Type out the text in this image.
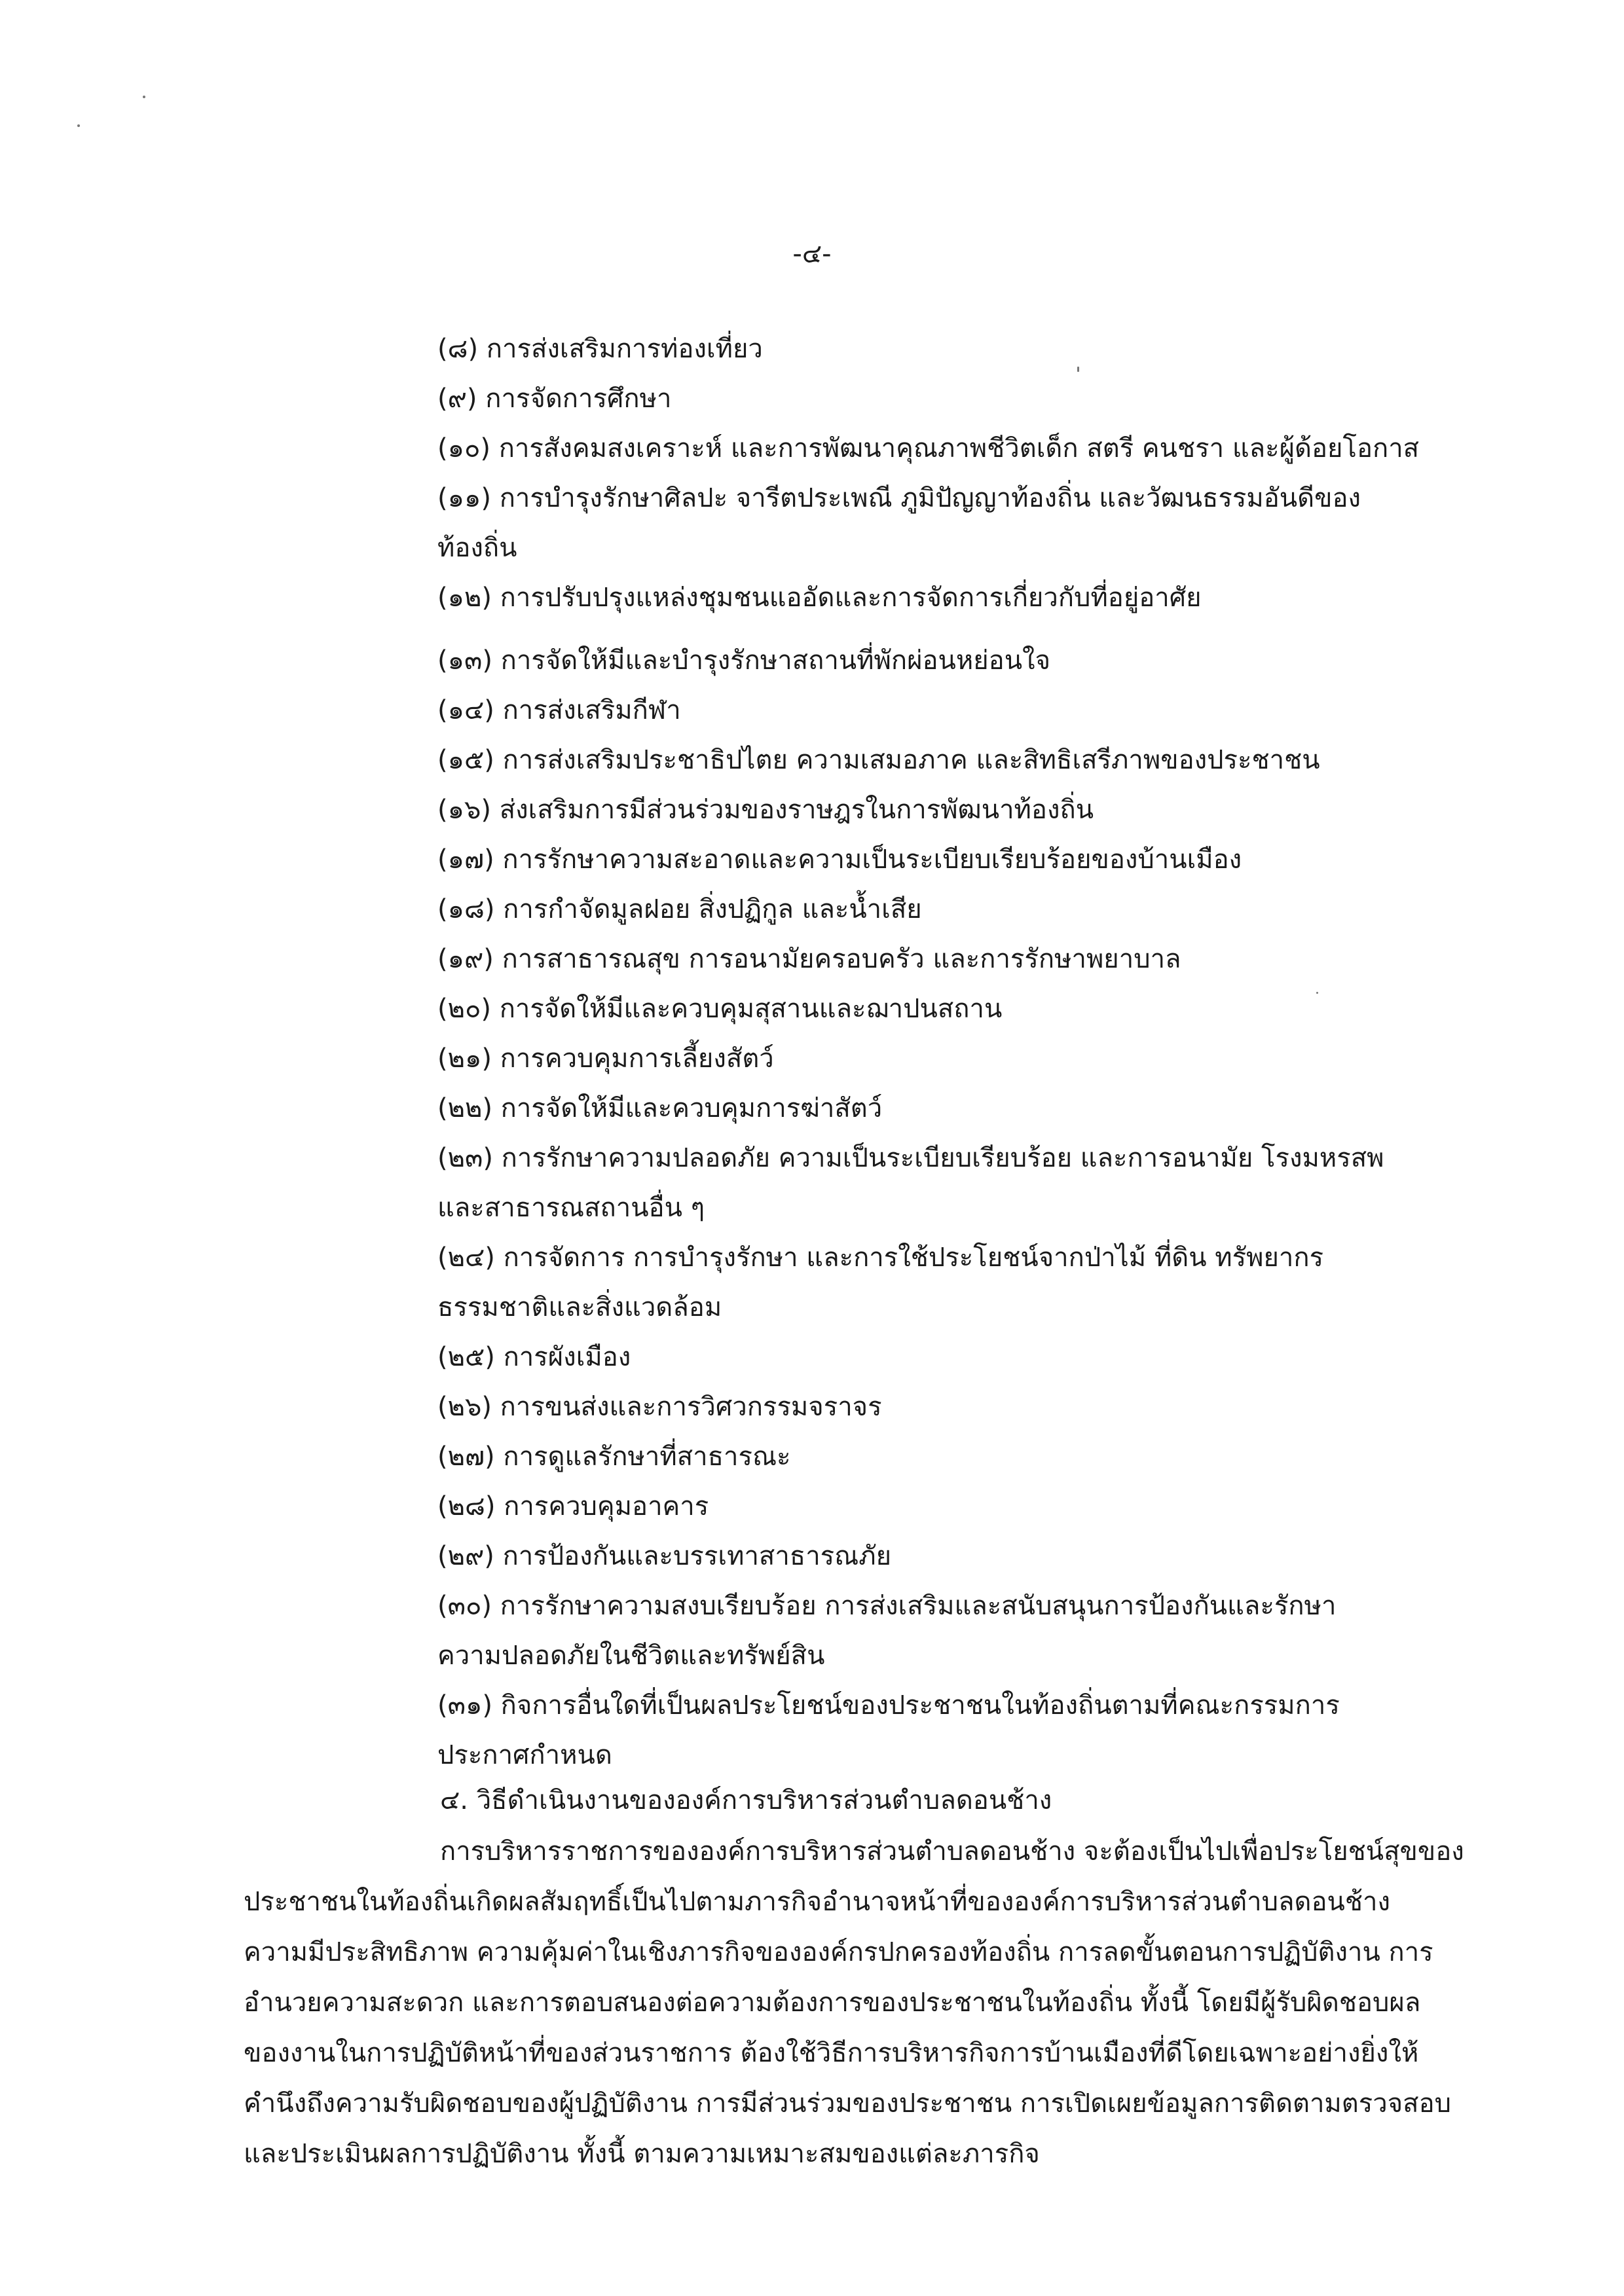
-๔-
(๘) การส่งเสริมการท่องเที่ยว
(๙) การจัดการศึกษา
(๑๐) การสังคมสงเคราะห์ และการพัฒนาคุณภาพชีวิตเด็ก สตรี คนชรา และผู้ด้อยโอกาส
(๑๑) การบำรุงรักษาศิลปะ จารีตประเพณี ภูมิปัญญาท้องถิ่น และวัฒนธรรมอันดีของ
ท้องถิ่น
(๑๒) การปรับปรุงแหล่งชุมชนแออัดและการจัดการเกี่ยวกับที่อยู่อาศัย
(๑๓) การจัดให้มีและบำรุงรักษาสถานที่พักผ่อนหย่อนใจ
(๑๔) การส่งเสริมกีฬา
(๑๕) การส่งเสริมประชาธิปไตย ความเสมอภาค และสิทธิเสรีภาพของประชาชน
(๑๖) ส่งเสริมการมีส่วนร่วมของราษฎรในการพัฒนาท้องถิ่น
(๑๗) การรักษาความสะอาดและความเป็นระเบียบเรียบร้อยของบ้านเมือง
(๑๘) การกำจัดมูลฝอย สิ่งปฏิกูล และน้ำเสีย
(๑๙) การสาธารณสุข การอนามัยครอบครัว และการรักษาพยาบาล
(๒๐) การจัดให้มีและควบคุมสุสานและฌาปนสถาน
(๒๑) การควบคุมการเลี้ยงสัตว์
(๒๒) การจัดให้มีและควบคุมการฆ่าสัตว์
(๒๓) การรักษาความปลอดภัย ความเป็นระเบียบเรียบร้อย และการอนามัย โรงมหรสพ
และสาธารณสถานอื่น ๆ
(๒๔) การจัดการ การบำรุงรักษา และการใช้ประโยชน์จากป่าไม้ ที่ดิน ทรัพยากร
ธรรมชาติและสิ่งแวดล้อม
(๒๕) การผังเมือง
(๒๖) การขนส่งและการวิศวกรรมจราจร
(๒๗) การดูแลรักษาที่สาธารณะ
(๒๘) การควบคุมอาคาร
(๒๙) การป้องกันและบรรเทาสาธารณภัย
(๓๐) การรักษาความสงบเรียบร้อย การส่งเสริมและสนับสนุนการป้องกันและรักษา
ความปลอดภัยในชีวิตและทรัพย์สิน
(๓๑) กิจการอื่นใดที่เป็นผลประโยชน์ของประชาชนในท้องถิ่นตามที่คณะกรรมการ
ประกาศกำหนด
๔. วิธีดำเนินงานขององค์การบริหารส่วนตำบลดอนช้าง
การบริหารราชการขององค์การบริหารส่วนตำบลดอนช้าง จะต้องเป็นไปเพื่อประโยชน์สุขของ
ประชาชนในท้องถิ่นเกิดผลสัมฤทธิ์เป็นไปตามภารกิจอำนาจหน้าที่ขององค์การบริหารส่วนตำบลดอนช้าง
ความมีประสิทธิภาพ ความคุ้มค่าในเชิงภารกิจขององค์กรปกครองท้องถิ่น การลดขั้นตอนการปฏิบัติงาน การ
อำนวยความสะดวก และการตอบสนองต่อความต้องการของประชาชนในท้องถิ่น ทั้งนี้ โดยมีผู้รับผิดชอบผล
ของงานในการปฏิบัติหน้าที่ของส่วนราชการ ต้องใช้วิธีการบริหารกิจการบ้านเมืองที่ดีโดยเฉพาะอย่างยิ่งให้
คำนึงถึงความรับผิดชอบของผู้ปฏิบัติงาน การมีส่วนร่วมของประชาชน การเปิดเผยข้อมูลการติดตามตรวจสอบ
และประเมินผลการปฏิบัติงาน ทั้งนี้ ตามความเหมาะสมของแต่ละภารกิจ
